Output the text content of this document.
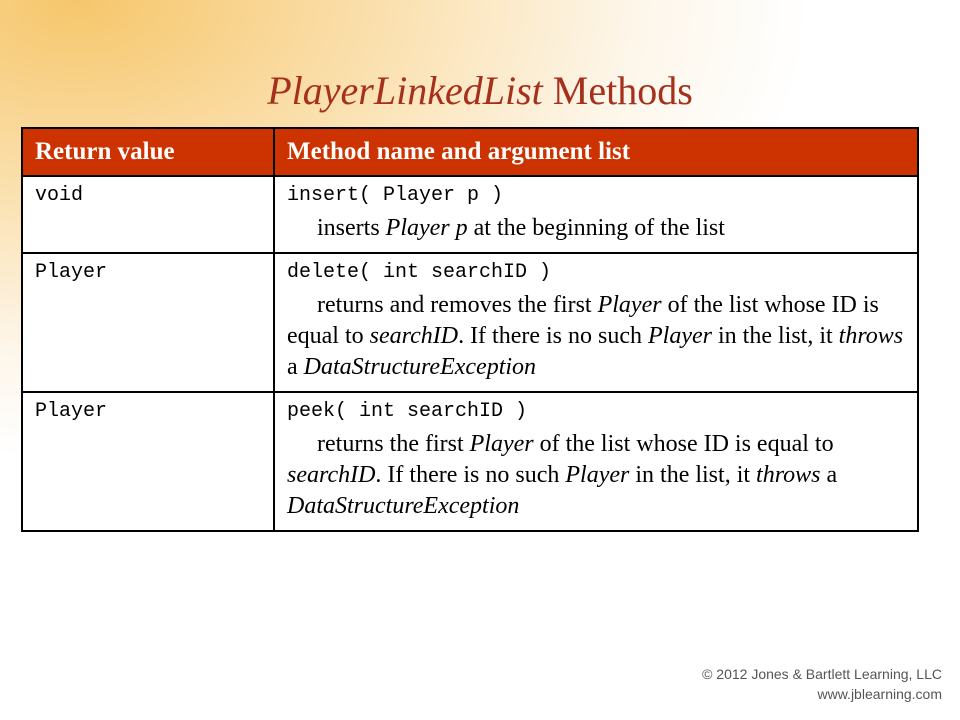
PlayerLinkedList Methods
Return value	Method name and argument list
void	insert( Player p )
inserts Player p at the beginning of the list

Player	delete( int searchID )
returns and removes the first Player of the list whose ID is equal to searchID. If there is no such Player in the list, it throws a DataStructureException

Player	peek( int searchID )
returns the first Player of the list whose ID is equal to searchID. If there is no such Player in the list, it throws a DataStructureException
© 2012 Jones & Bartlett Learning, LLC
www.jblearning.com
